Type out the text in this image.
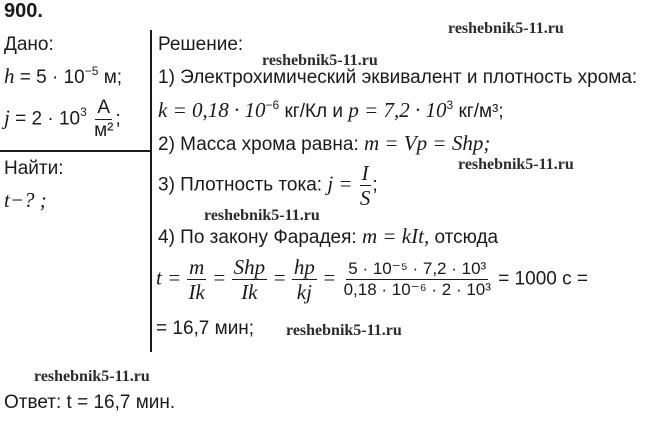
900.
reshebnik5-11.ru
reshebnik5-11.ru
reshebnik5-11.ru
reshebnik5-11.ru
reshebnik5-11.ru
reshebnik5-11.ru
Дано:
$h = 5 \cdot 10^{-5}$ м;
$j = 2 \cdot 10^3 \frac{А}{\text{м²}}$ ;
Найти:
t−? ;
Решение:
1) Электрохимический эквивалент и плотность хрома:
$k = 0,18 \cdot 10^{-6}$ кг/Кл и $p = 7,2 \cdot 10^3$ кг/м³;
2) Масса хрома равна: m = Vp = Shp;
3) Плотность тока: $j = \frac{I}{S}$ ;
4) По закону Фарадея: m = kIt, отсюда
$t = \frac{m}{Ik} = \frac{\text{Shp}}{Ik} = \frac{hp}{kj} = \frac{\text{5 · 10⁻⁵ · 7,2 · 10³}}{\text{0,18 · 10⁻⁶ · 2 · 10³}} = 1000$ с =
= 16,7 мин;
Ответ: t = 16,7 мин.
